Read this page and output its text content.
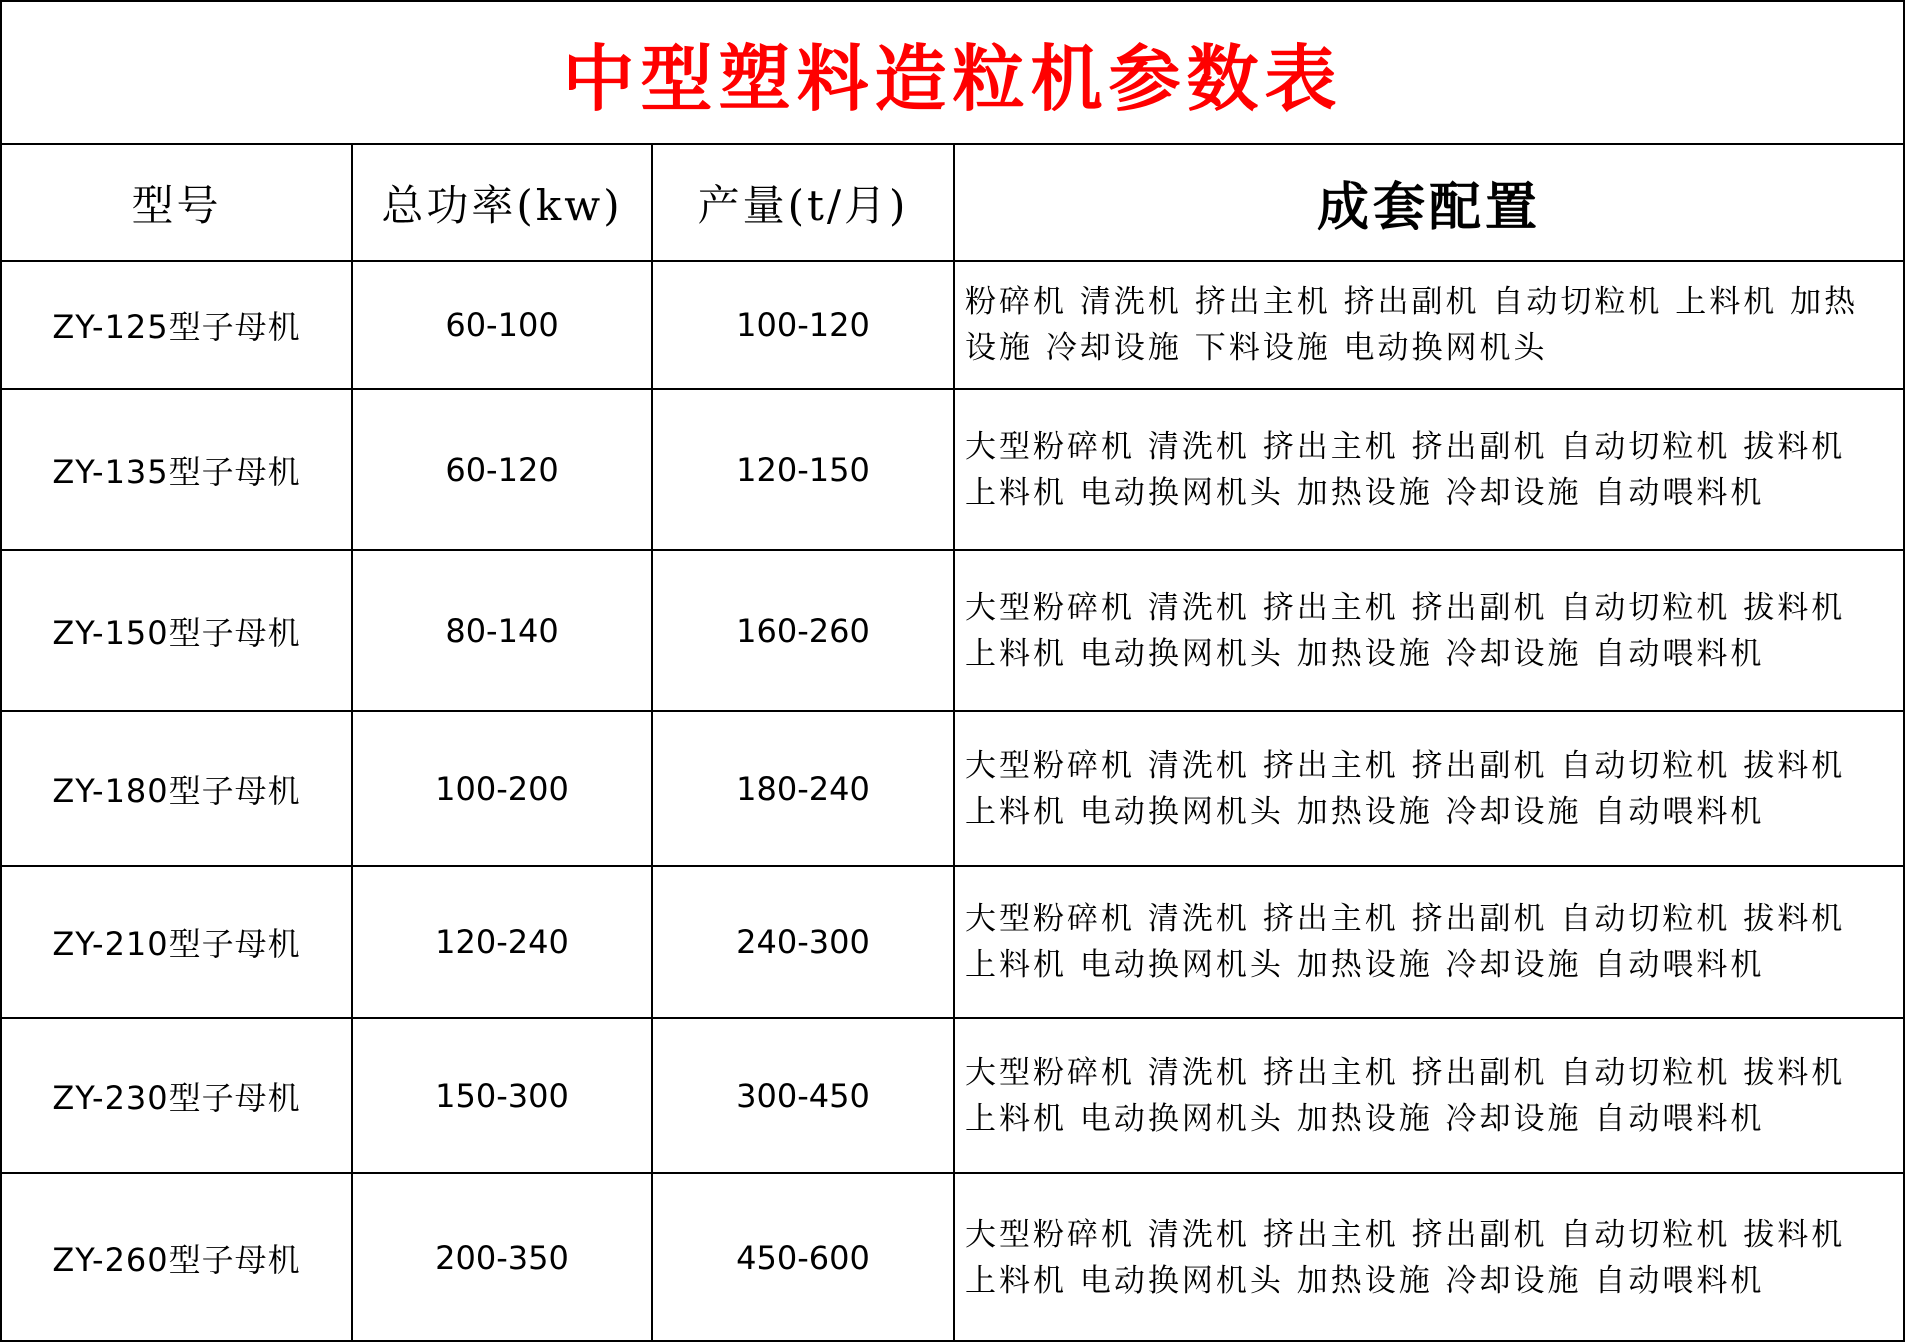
中型塑料造粒机参数表
型号	总功率(kw)	产量(t/月)	成套配置
ZY-125型子母机	60-100	100-120	粉碎机 清洗机 挤出主机 挤出副机 自动切粒机 上料机 加热设施 冷却设施 下料设施 电动换网机头
ZY-135型子母机	60-120	120-150	大型粉碎机 清洗机 挤出主机 挤出副机 自动切粒机 拔料机 上料机 电动换网机头 加热设施 冷却设施 自动喂料机
ZY-150型子母机	80-140	160-260	大型粉碎机 清洗机 挤出主机 挤出副机 自动切粒机 拔料机 上料机 电动换网机头 加热设施 冷却设施 自动喂料机
ZY-180型子母机	100-200	180-240	大型粉碎机 清洗机 挤出主机 挤出副机 自动切粒机 拔料机 上料机 电动换网机头 加热设施 冷却设施 自动喂料机
ZY-210型子母机	120-240	240-300	大型粉碎机 清洗机 挤出主机 挤出副机 自动切粒机 拔料机 上料机 电动换网机头 加热设施 冷却设施 自动喂料机
ZY-230型子母机	150-300	300-450	大型粉碎机 清洗机 挤出主机 挤出副机 自动切粒机 拔料机 上料机 电动换网机头 加热设施 冷却设施 自动喂料机
ZY-260型子母机	200-350	450-600	大型粉碎机 清洗机 挤出主机 挤出副机 自动切粒机 拔料机 上料机 电动换网机头 加热设施 冷却设施 自动喂料机
